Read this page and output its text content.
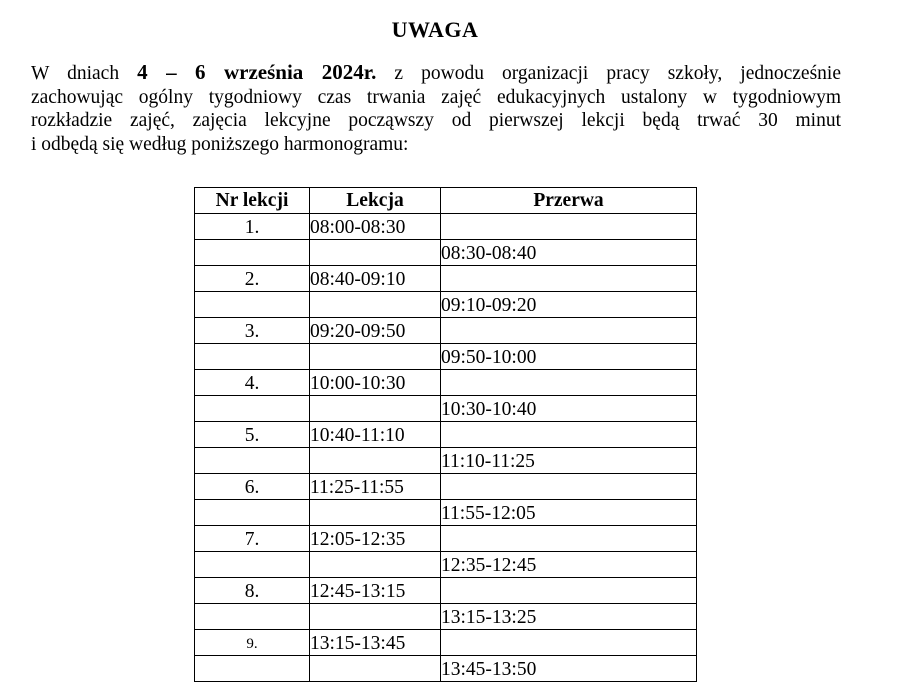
UWAGA
W dniach 4 – 6 września 2024r. z powodu organizacji pracy szkoły, jednocześnie
zachowując ogólny tygodniowy czas trwania zajęć edukacyjnych ustalony w tygodniowym
rozkładzie zajęć, zajęcia lekcyjne począwszy od pierwszej lekcji będą trwać 30 minut
i odbędą się według poniższego harmonogramu:
Nr lekcji	Lekcja	Przerwa
1.	08:00-08:30	
		08:30-08:40
2.	08:40-09:10	
		09:10-09:20
3.	09:20-09:50	
		09:50-10:00
4.	10:00-10:30	
		10:30-10:40
5.	10:40-11:10	
		11:10-11:25
6.	11:25-11:55	
		11:55-12:05
7.	12:05-12:35	
		12:35-12:45
8.	12:45-13:15	
		13:15-13:25
9.	13:15-13:45	
		13:45-13:50
